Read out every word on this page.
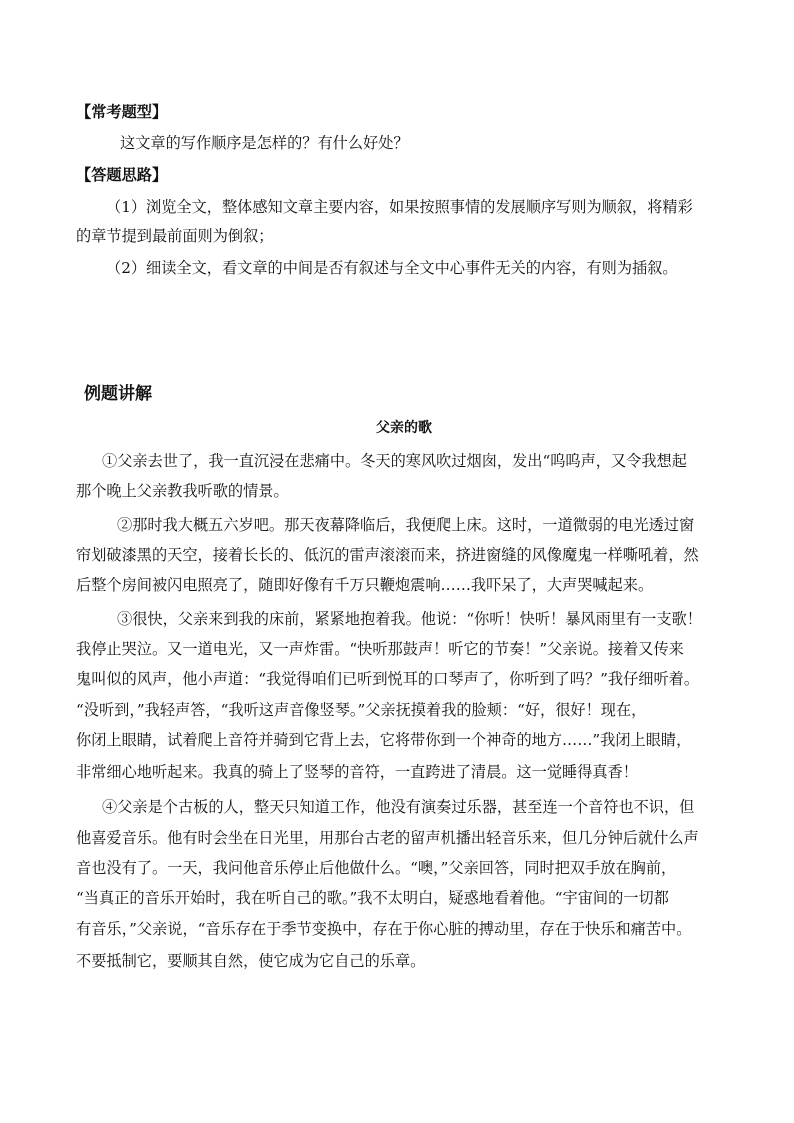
【常考题型】
这文章的写作顺序是怎样的？有什么好处？
【答题思路】
（1）浏览全文，整体感知文章主要内容，如果按照事情的发展顺序写则为顺叙，将精彩
的章节提到最前面则为倒叙；
（2）细读全文，看文章的中间是否有叙述与全文中心事件无关的内容，有则为插叙。
例题讲解
父亲的歌
①父亲去世了，我一直沉浸在悲痛中。冬天的寒风吹过烟囱，发出“呜呜声，又令我想起
那个晚上父亲教我听歌的情景。
②那时我大概五六岁吧。那天夜幕降临后，我便爬上床。这时，一道微弱的电光透过窗
帘划破漆黑的天空，接着长长的、低沉的雷声滚滚而来，挤进窗缝的风像魔鬼一样嘶吼着，然
后整个房间被闪电照亮了，随即好像有千万只鞭炮震响……我吓呆了，大声哭喊起来。
③很快，父亲来到我的床前，紧紧地抱着我。他说：“你听！快听！暴风雨里有一支歌！
我停止哭泣。又一道电光，又一声炸雷。“快听那鼓声！听它的节奏！”父亲说。接着又传来
鬼叫似的风声，他小声道：“我觉得咱们已听到悦耳的口琴声了，你听到了吗？”我仔细听着。
“没听到，”我轻声答，“我听这声音像竖琴。”父亲抚摸着我的脸颊：“好，很好！现在，
你闭上眼睛，试着爬上音符并骑到它背上去，它将带你到一个神奇的地方……”我闭上眼睛，
非常细心地听起来。我真的骑上了竖琴的音符，一直跨进了清晨。这一觉睡得真香！
④父亲是个古板的人，整天只知道工作，他没有演奏过乐器，甚至连一个音符也不识，但
他喜爱音乐。他有时会坐在日光里，用那台古老的留声机播出轻音乐来，但几分钟后就什么声
音也没有了。一天，我问他音乐停止后他做什么。“噢，”父亲回答，同时把双手放在胸前，
“当真正的音乐开始时，我在听自己的歌。”我不太明白，疑惑地看着他。“宇宙间的一切都
有音乐，”父亲说，“音乐存在于季节变换中，存在于你心脏的搏动里，存在于快乐和痛苦中。
不要抵制它，要顺其自然，使它成为它自己的乐章。
